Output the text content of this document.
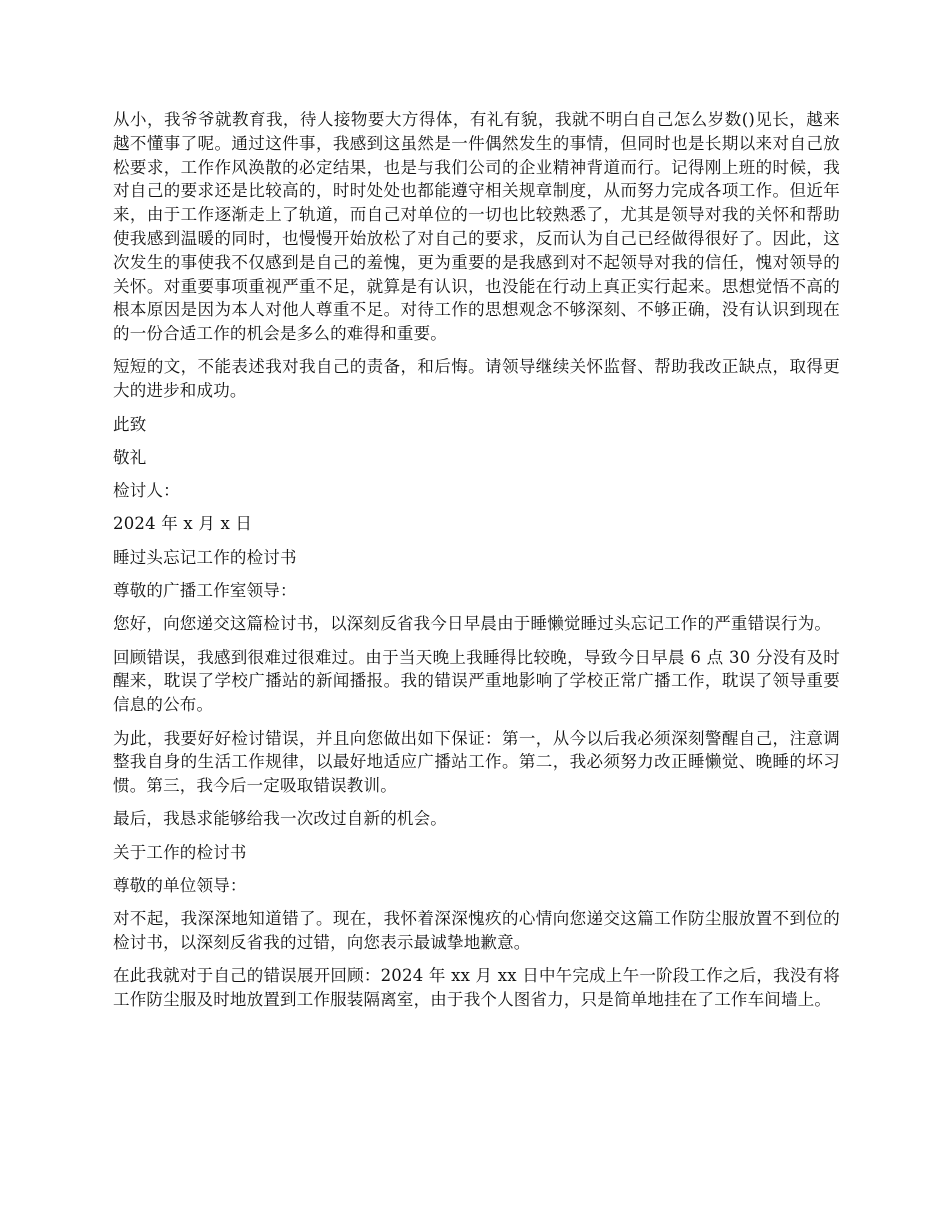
从小，我爷爷就教育我，待人接物要大方得体，有礼有貌，我就不明白自己怎么岁数()见长，越来越不懂事了呢。通过这件事，我感到这虽然是一件偶然发生的事情，但同时也是长期以来对自己放松要求，工作作风涣散的必定结果，也是与我们公司的企业精神背道而行。记得刚上班的时候，我对自己的要求还是比较高的，时时处处也都能遵守相关规章制度，从而努力完成各项工作。但近年来，由于工作逐渐走上了轨道，而自己对单位的一切也比较熟悉了，尤其是领导对我的关怀和帮助使我感到温暖的同时，也慢慢开始放松了对自己的要求，反而认为自己已经做得很好了。因此，这次发生的事使我不仅感到是自己的羞愧，更为重要的是我感到对不起领导对我的信任，愧对领导的关怀。对重要事项重视严重不足，就算是有认识，也没能在行动上真正实行起来。思想觉悟不高的根本原因是因为本人对他人尊重不足。对待工作的思想观念不够深刻、不够正确，没有认识到现在的一份合适工作的机会是多么的难得和重要。

短短的文，不能表述我对我自己的责备，和后悔。请领导继续关怀监督、帮助我改正缺点，取得更大的进步和成功。

此致

敬礼

检讨人：

2024 年 x 月 x 日

睡过头忘记工作的检讨书

尊敬的广播工作室领导：

您好，向您递交这篇检讨书，以深刻反省我今日早晨由于睡懒觉睡过头忘记工作的严重错误行为。

回顾错误，我感到很难过很难过。由于当天晚上我睡得比较晚，导致今日早晨 6 点 30 分没有及时醒来，耽误了学校广播站的新闻播报。我的错误严重地影响了学校正常广播工作，耽误了领导重要信息的公布。

为此，我要好好检讨错误，并且向您做出如下保证：第一，从今以后我必须深刻警醒自己，注意调整我自身的生活工作规律，以最好地适应广播站工作。第二，我必须努力改正睡懒觉、晚睡的坏习惯。第三，我今后一定吸取错误教训。

最后，我恳求能够给我一次改过自新的机会。

关于工作的检讨书

尊敬的单位领导：

对不起，我深深地知道错了。现在，我怀着深深愧疚的心情向您递交这篇工作防尘服放置不到位的检讨书，以深刻反省我的过错，向您表示最诚挚地歉意。

在此我就对于自己的错误展开回顾：2024 年 xx 月 xx 日中午完成上午一阶段工作之后，我没有将工作防尘服及时地放置到工作服装隔离室，由于我个人图省力，只是简单地挂在了工作车间墙上。
